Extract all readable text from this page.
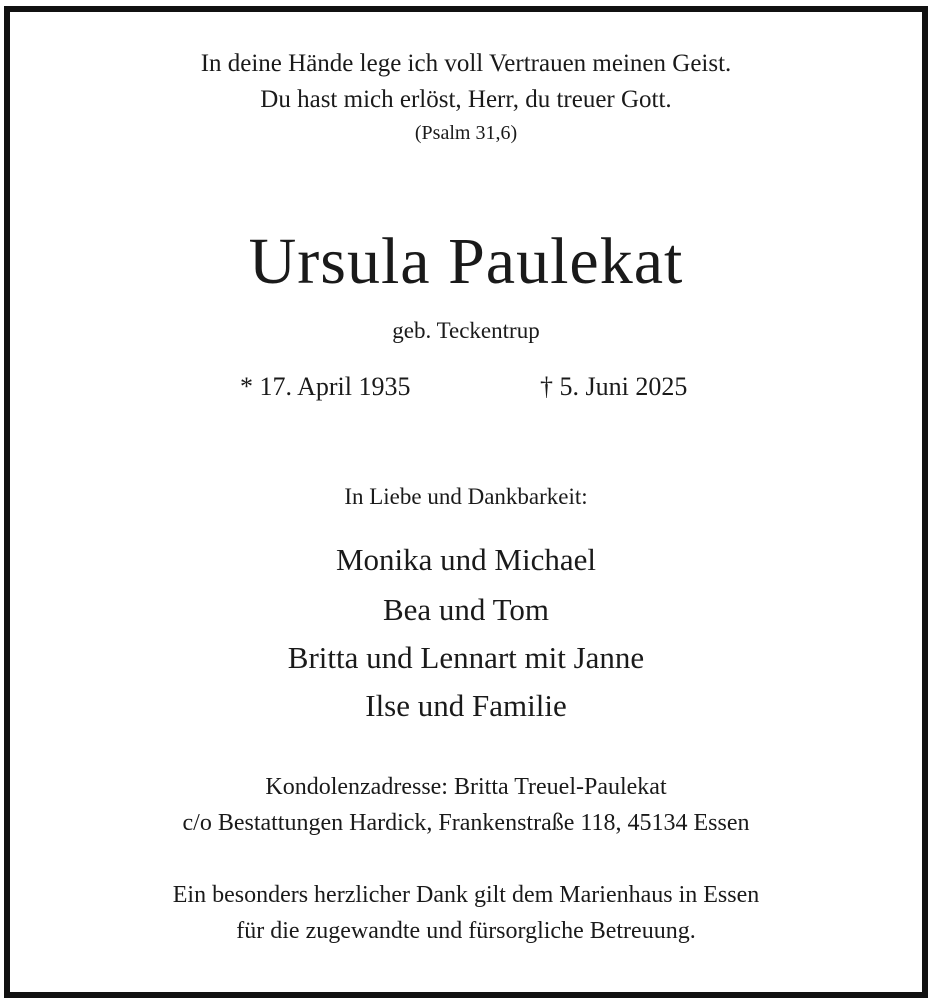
In deine Hände lege ich voll Vertrauen meinen Geist.
Du hast mich erlöst, Herr, du treuer Gott.
(Psalm 31,6)
Ursula Paulekat
geb. Teckentrup
* 17. April 1935	† 5. Juni 2025
In Liebe und Dankbarkeit:
Monika und Michael
Bea und Tom
Britta und Lennart mit Janne
Ilse und Familie
Kondolenzadresse: Britta Treuel-Paulekat
c/o Bestattungen Hardick, Frankenstraße 118, 45134 Essen
Ein besonders herzlicher Dank gilt dem Marienhaus in Essen
für die zugewandte und fürsorgliche Betreuung.
